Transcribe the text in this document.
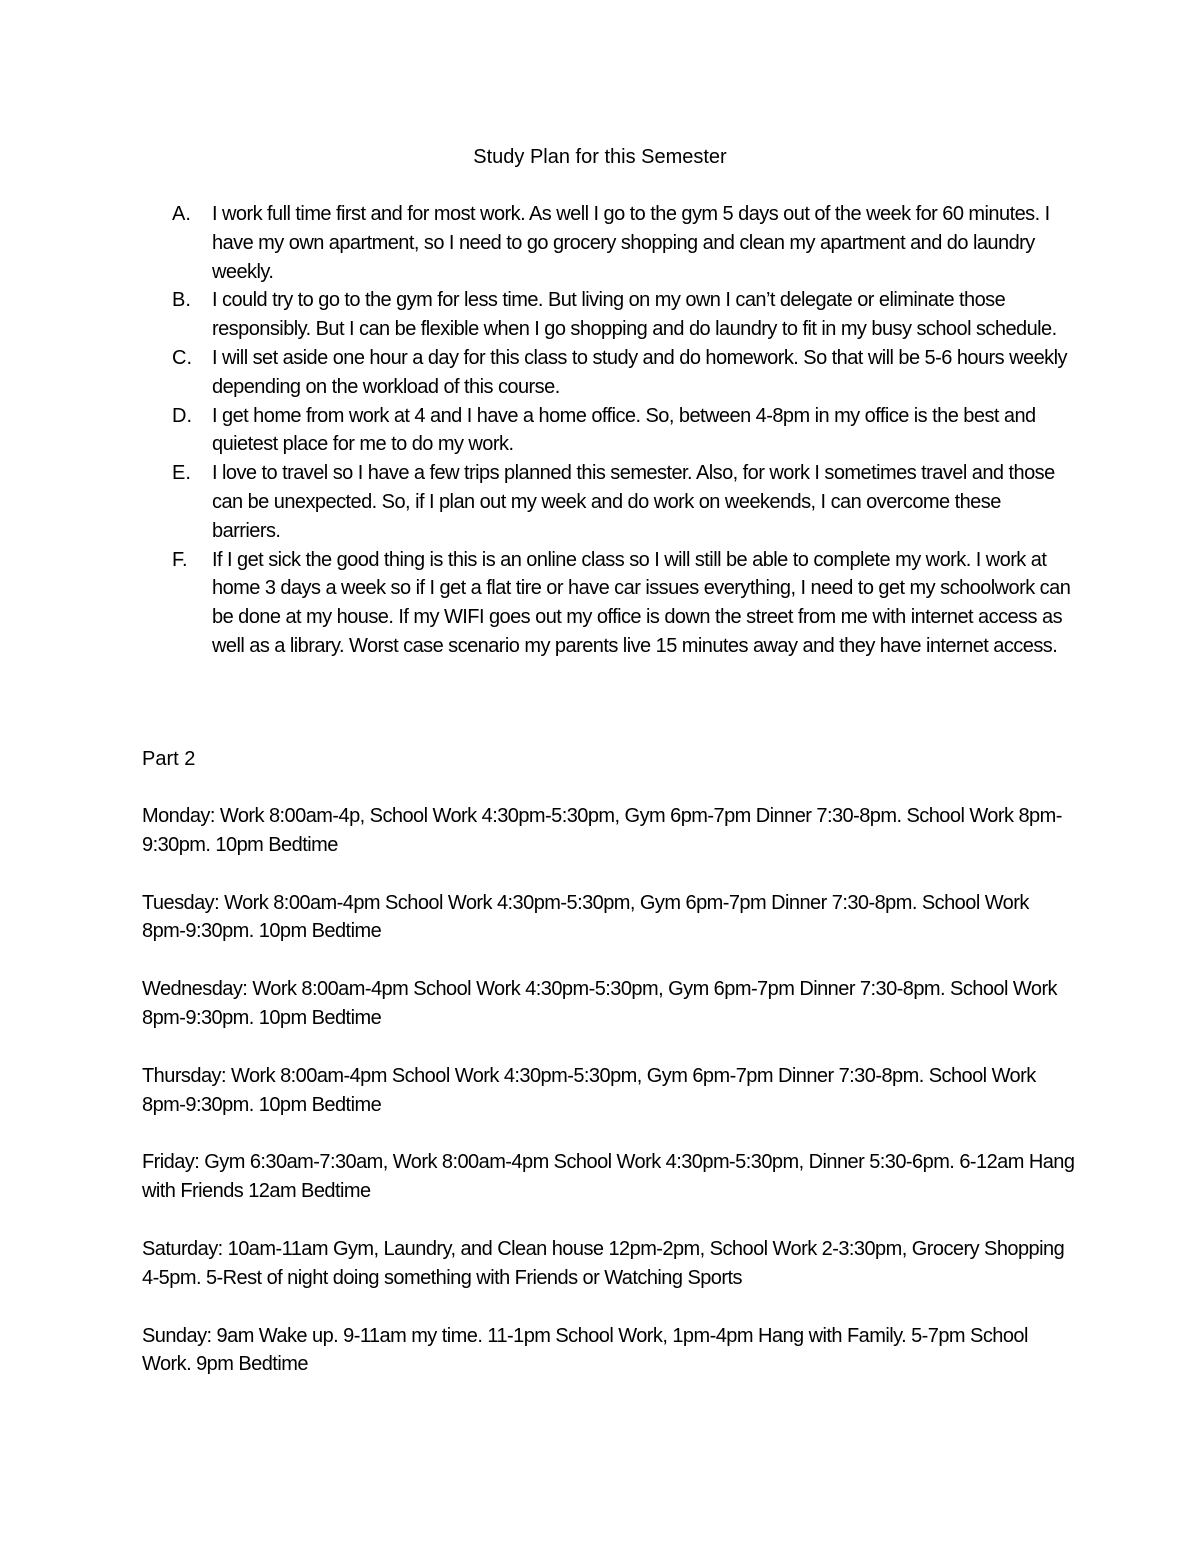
Study Plan for this Semester
A. I work full time first and for most work. As well I go to the gym 5 days out of the week for 60 minutes. I have my own apartment, so I need to go grocery shopping and clean my apartment and do laundry weekly.
B. I could try to go to the gym for less time. But living on my own I can’t delegate or eliminate those responsibly. But I can be flexible when I go shopping and do laundry to fit in my busy school schedule.
C. I will set aside one hour a day for this class to study and do homework. So that will be 5-6 hours weekly depending on the workload of this course.
D. I get home from work at 4 and I have a home office. So, between 4-8pm in my office is the best and quietest place for me to do my work.
E. I love to travel so I have a few trips planned this semester. Also, for work I sometimes travel and those can be unexpected. So, if I plan out my week and do work on weekends, I can overcome these barriers.
F. If I get sick the good thing is this is an online class so I will still be able to complete my work. I work at home 3 days a week so if I get a flat tire or have car issues everything, I need to get my schoolwork can be done at my house. If my WIFI goes out my office is down the street from me with internet access as well as a library. Worst case scenario my parents live 15 minutes away and they have internet access.
Part 2

Monday: Work 8:00am-4p, School Work 4:30pm-5:30pm, Gym 6pm-7pm Dinner 7:30-8pm. School Work 8pm-9:30pm. 10pm Bedtime

Tuesday: Work 8:00am-4pm School Work 4:30pm-5:30pm, Gym 6pm-7pm Dinner 7:30-8pm. School Work 8pm-9:30pm. 10pm Bedtime

Wednesday: Work 8:00am-4pm School Work 4:30pm-5:30pm, Gym 6pm-7pm Dinner 7:30-8pm. School Work 8pm-9:30pm. 10pm Bedtime

Thursday: Work 8:00am-4pm School Work 4:30pm-5:30pm, Gym 6pm-7pm Dinner 7:30-8pm. School Work 8pm-9:30pm. 10pm Bedtime

Friday: Gym 6:30am-7:30am, Work 8:00am-4pm School Work 4:30pm-5:30pm, Dinner 5:30-6pm. 6-12am Hang with Friends 12am Bedtime

Saturday: 10am-11am Gym, Laundry, and Clean house 12pm-2pm, School Work 2-3:30pm, Grocery Shopping 4-5pm. 5-Rest of night doing something with Friends or Watching Sports

Sunday: 9am Wake up. 9-11am my time. 11-1pm School Work, 1pm-4pm Hang with Family. 5-7pm School Work. 9pm Bedtime
